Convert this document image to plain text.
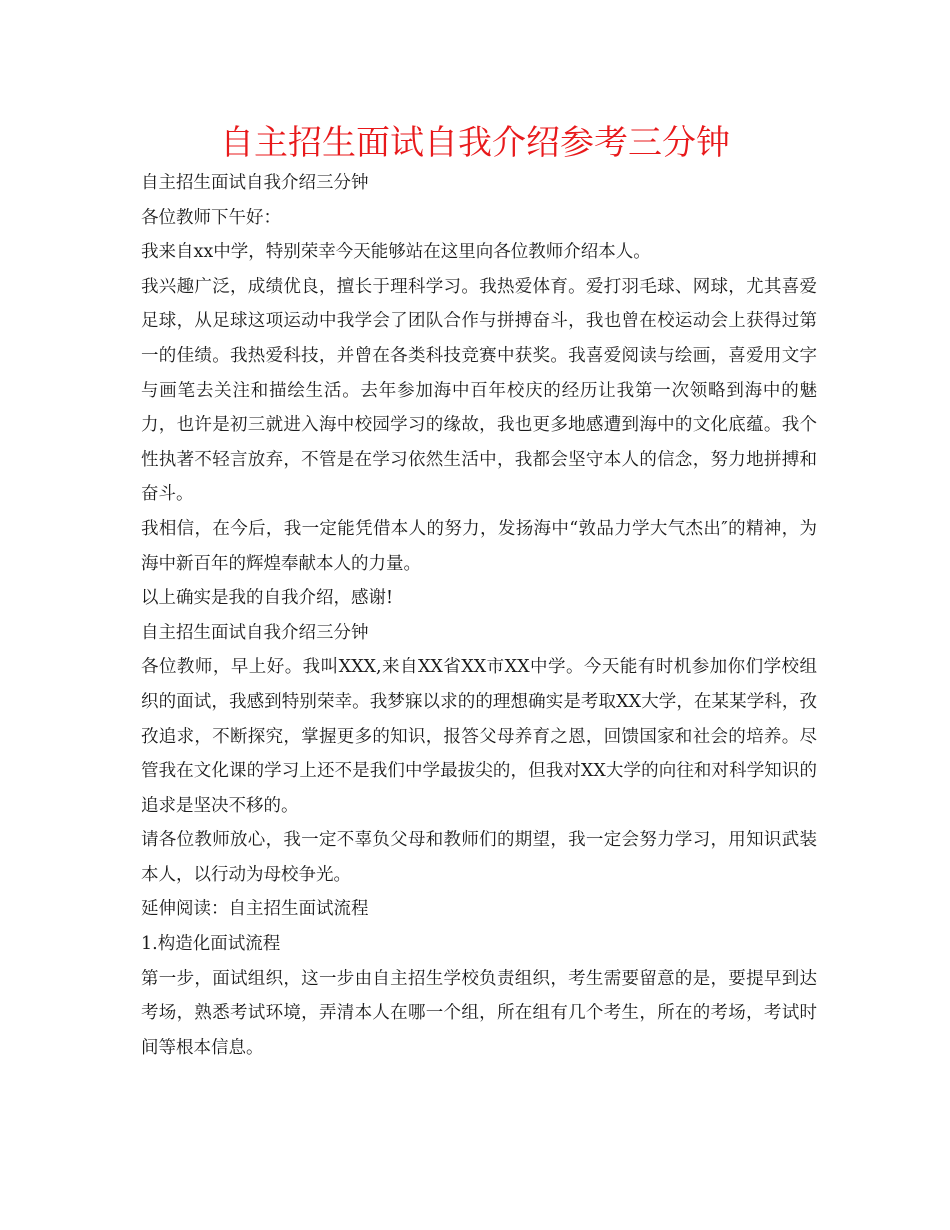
自主招生面试自我介绍参考三分钟

自主招生面试自我介绍三分钟

各位教师下午好：

我来自xx中学，特别荣幸今天能够站在这里向各位教师介绍本人。

我兴趣广泛，成绩优良，擅长于理科学习。我热爱体育。爱打羽毛球、网球，尤其喜爱足球，从足球这项运动中我学会了团队合作与拼搏奋斗，我也曾在校运动会上获得过第一的佳绩。我热爱科技，并曾在各类科技竞赛中获奖。我喜爱阅读与绘画，喜爱用文字与画笔去关注和描绘生活。去年参加海中百年校庆的经历让我第一次领略到海中的魅力，也许是初三就进入海中校园学习的缘故，我也更多地感遭到海中的文化底蕴。我个性执著不轻言放弃，不管是在学习依然生活中，我都会坚守本人的信念，努力地拼搏和奋斗。

我相信，在今后，我一定能凭借本人的努力，发扬海中“敦品力学大气杰出″的精神，为海中新百年的辉煌奉献本人的力量。

以上确实是我的自我介绍，感谢!

自主招生面试自我介绍三分钟

各位教师，早上好。我叫XXX,来自XX省XX市XX中学。今天能有时机参加你们学校组织的面试，我感到特别荣幸。我梦寐以求的的理想确实是考取XX大学，在某某学科，孜孜追求，不断探究，掌握更多的知识，报答父母养育之恩，回馈国家和社会的培养。尽管我在文化课的学习上还不是我们中学最拔尖的，但我对XX大学的向往和对科学知识的追求是坚决不移的。

请各位教师放心，我一定不辜负父母和教师们的期望，我一定会努力学习，用知识武装本人，以行动为母校争光。

延伸阅读：自主招生面试流程

1.构造化面试流程

第一步，面试组织，这一步由自主招生学校负责组织，考生需要留意的是，要提早到达考场，熟悉考试环境，弄清本人在哪一个组，所在组有几个考生，所在的考场，考试时间等根本信息。
